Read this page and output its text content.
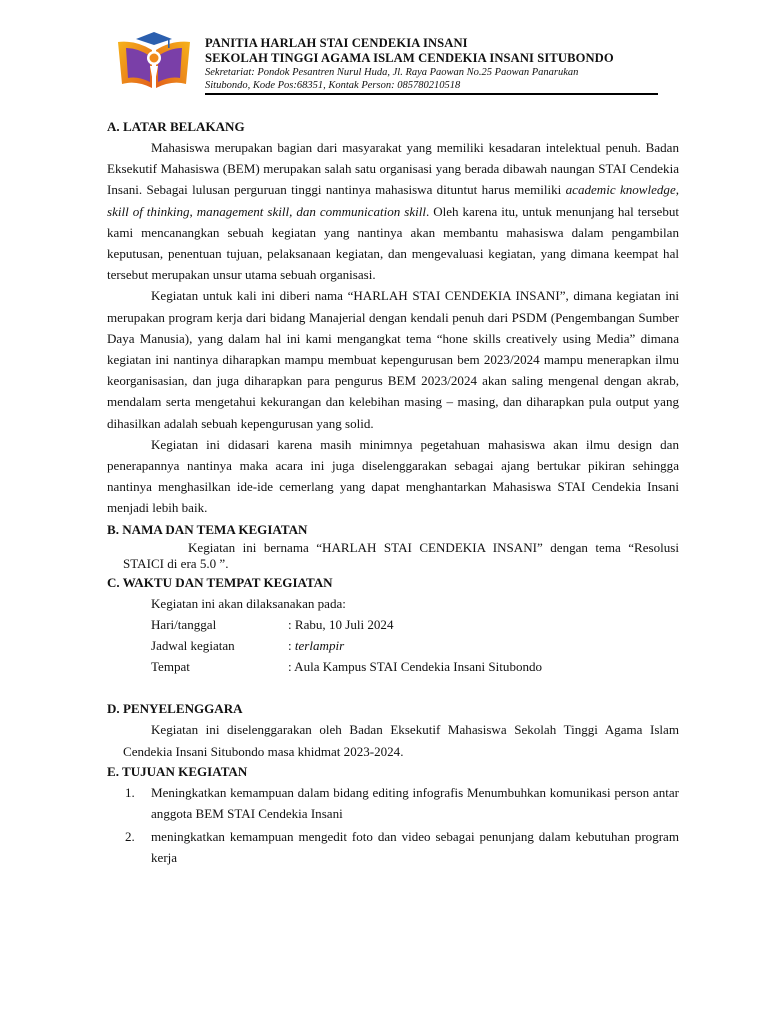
PANITIA HARLAH STAI CENDEKIA INSANI
SEKOLAH TINGGI AGAMA ISLAM CENDEKIA INSANI SITUBONDO
Sekretariat: Pondok Pesantren Nurul Huda, Jl. Raya Paowan No.25 Paowan Panarukan
Situbondo, Kode Pos:68351, Kontak Person: 085780210518
A. LATAR BELAKANG

Mahasiswa merupakan bagian dari masyarakat yang memiliki kesadaran intelektual penuh. Badan Eksekutif Mahasiswa (BEM) merupakan salah satu organisasi yang berada dibawah naungan STAI Cendekia Insani. Sebagai lulusan perguruan tinggi nantinya mahasiswa dituntut harus memiliki academic knowledge, skill of thinking, management skill, dan communication skill. Oleh karena itu, untuk menunjang hal tersebut kami mencanangkan sebuah kegiatan yang nantinya akan membantu mahasiswa dalam pengambilan keputusan, penentuan tujuan, pelaksanaan kegiatan, dan mengevaluasi kegiatan, yang dimana keempat hal tersebut merupakan unsur utama sebuah organisasi.

Kegiatan untuk kali ini diberi nama “HARLAH STAI CENDEKIA INSANI”, dimana kegiatan ini merupakan program kerja dari bidang Manajerial dengan kendali penuh dari PSDM (Pengembangan Sumber Daya Manusia), yang dalam hal ini kami mengangkat tema “hone skills creatively using Media” dimana kegiatan ini nantinya diharapkan mampu membuat kepengurusan bem 2023/2024 mampu menerapkan ilmu keorganisasian, dan juga diharapkan para pengurus BEM 2023/2024 akan saling mengenal dengan akrab, mendalam serta mengetahui kekurangan dan kelebihan masing – masing, dan diharapkan pula output yang dihasilkan adalah sebuah kepengurusan yang solid.

Kegiatan ini didasari karena masih minimnya pegetahuan mahasiswa akan ilmu design dan penerapannya nantinya maka acara ini juga diselenggarakan sebagai ajang bertukar pikiran sehingga nantinya menghasilkan ide-ide cemerlang yang dapat menghantarkan Mahasiswa STAI Cendekia Insani menjadi lebih baik.

B. NAMA DAN TEMA KEGIATAN

Kegiatan ini bernama “HARLAH STAI CENDEKIA INSANI” dengan tema “Resolusi STAICI di era 5.0 ”.

C. WAKTU DAN TEMPAT KEGIATAN
Kegiatan ini akan dilaksanakan pada:
Hari/tanggal	: Rabu, 10 Juli 2024
Jadwal kegiatan	: terlampir
Tempat	: Aula Kampus STAI Cendekia Insani Situbondo
D. PENYELENGGARA

Kegiatan ini diselenggarakan oleh Badan Eksekutif Mahasiswa Sekolah Tinggi Agama Islam Cendekia Insani Situbondo masa khidmat 2023-2024.

E. TUJUAN KEGIATAN
1.	Meningkatkan kemampuan dalam bidang editing infografis Menumbuhkan komunikasi person antar anggota BEM STAI Cendekia Insani
2.	meningkatkan kemampuan mengedit foto dan video sebagai penunjang dalam kebutuhan program kerja
